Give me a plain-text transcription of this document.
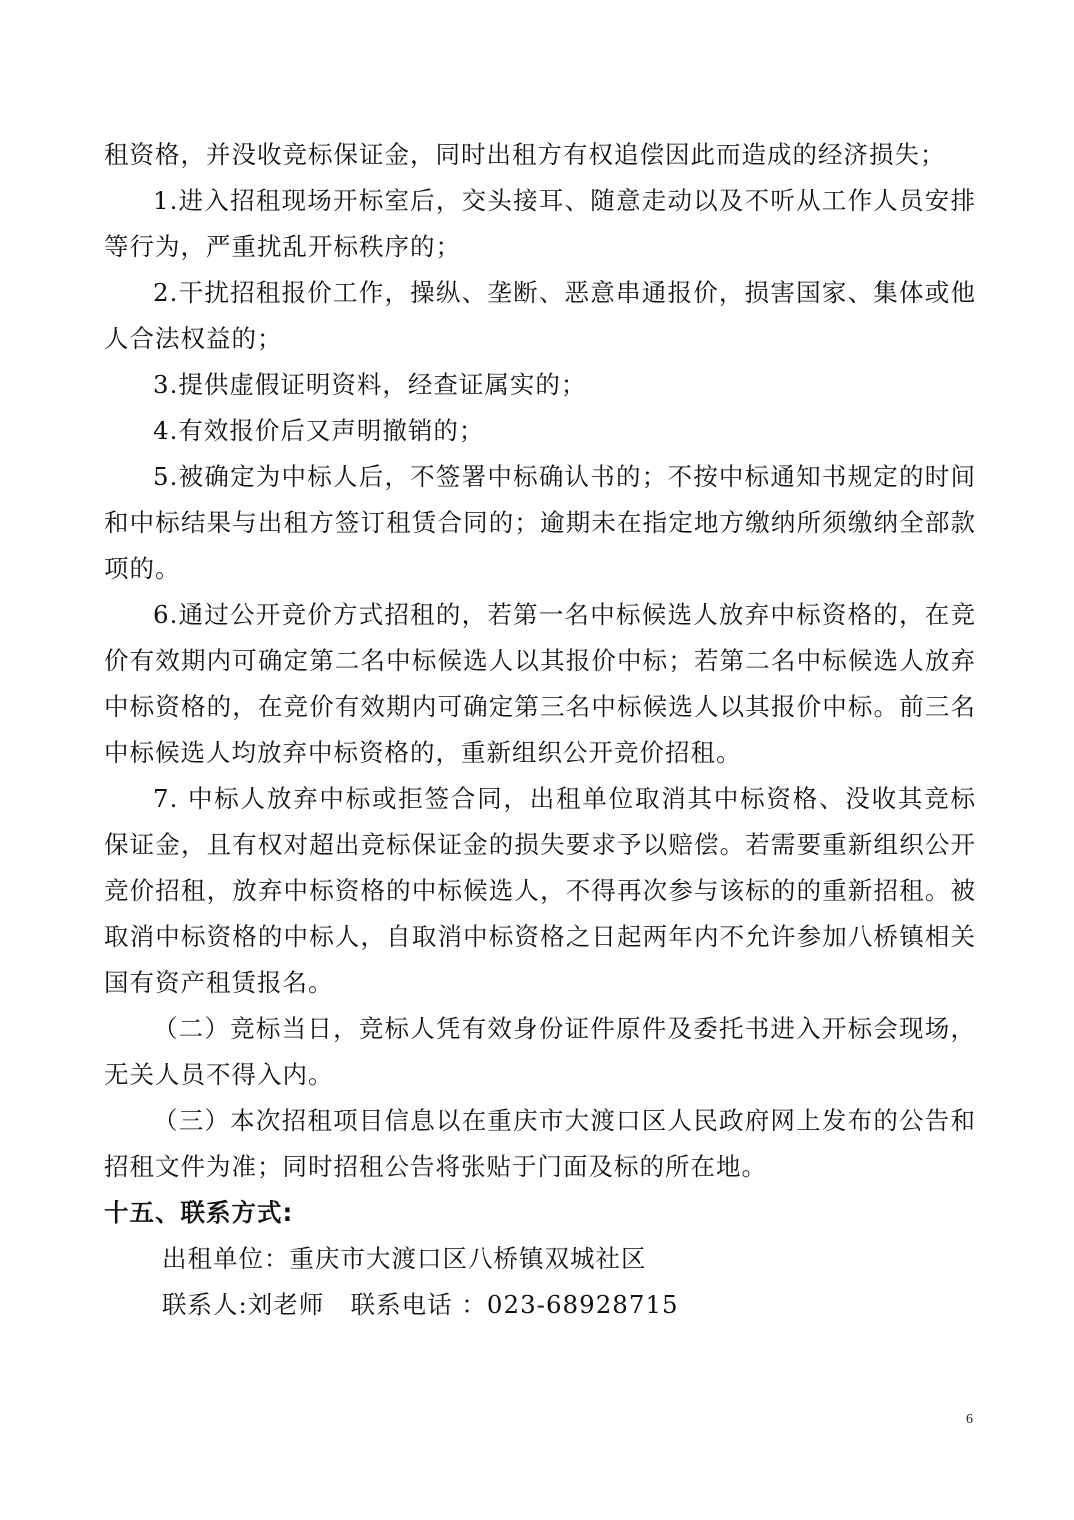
租资格，并没收竞标保证金，同时出租方有权追偿因此而造成的经济损失；

1.进入招租现场开标室后，交头接耳、随意走动以及不听从工作人员安排等行为，严重扰乱开标秩序的；

2.干扰招租报价工作，操纵、垄断、恶意串通报价，损害国家、集体或他人合法权益的；

3.提供虚假证明资料，经查证属实的；

4.有效报价后又声明撤销的；

5.被确定为中标人后，不签署中标确认书的；不按中标通知书规定的时间和中标结果与出租方签订租赁合同的；逾期未在指定地方缴纳所须缴纳全部款项的。

6.通过公开竞价方式招租的，若第一名中标候选人放弃中标资格的，在竞价有效期内可确定第二名中标候选人以其报价中标；若第二名中标候选人放弃中标资格的，在竞价有效期内可确定第三名中标候选人以其报价中标。前三名中标候选人均放弃中标资格的，重新组织公开竞价招租。

7. 中标人放弃中标或拒签合同，出租单位取消其中标资格、没收其竞标保证金，且有权对超出竞标保证金的损失要求予以赔偿。若需要重新组织公开竞价招租，放弃中标资格的中标候选人，不得再次参与该标的的重新招租。被取消中标资格的中标人，自取消中标资格之日起两年内不允许参加八桥镇相关国有资产租赁报名。

（二）竞标当日，竞标人凭有效身份证件原件及委托书进入开标会现场，无关人员不得入内。

（三）本次招租项目信息以在重庆市大渡口区人民政府网上发布的公告和招租文件为准；同时招租公告将张贴于门面及标的所在地。

十五、联系方式:

出租单位：重庆市大渡口区八桥镇双城社区

联系人:刘老师   联系电话 ：023-68928715

6
